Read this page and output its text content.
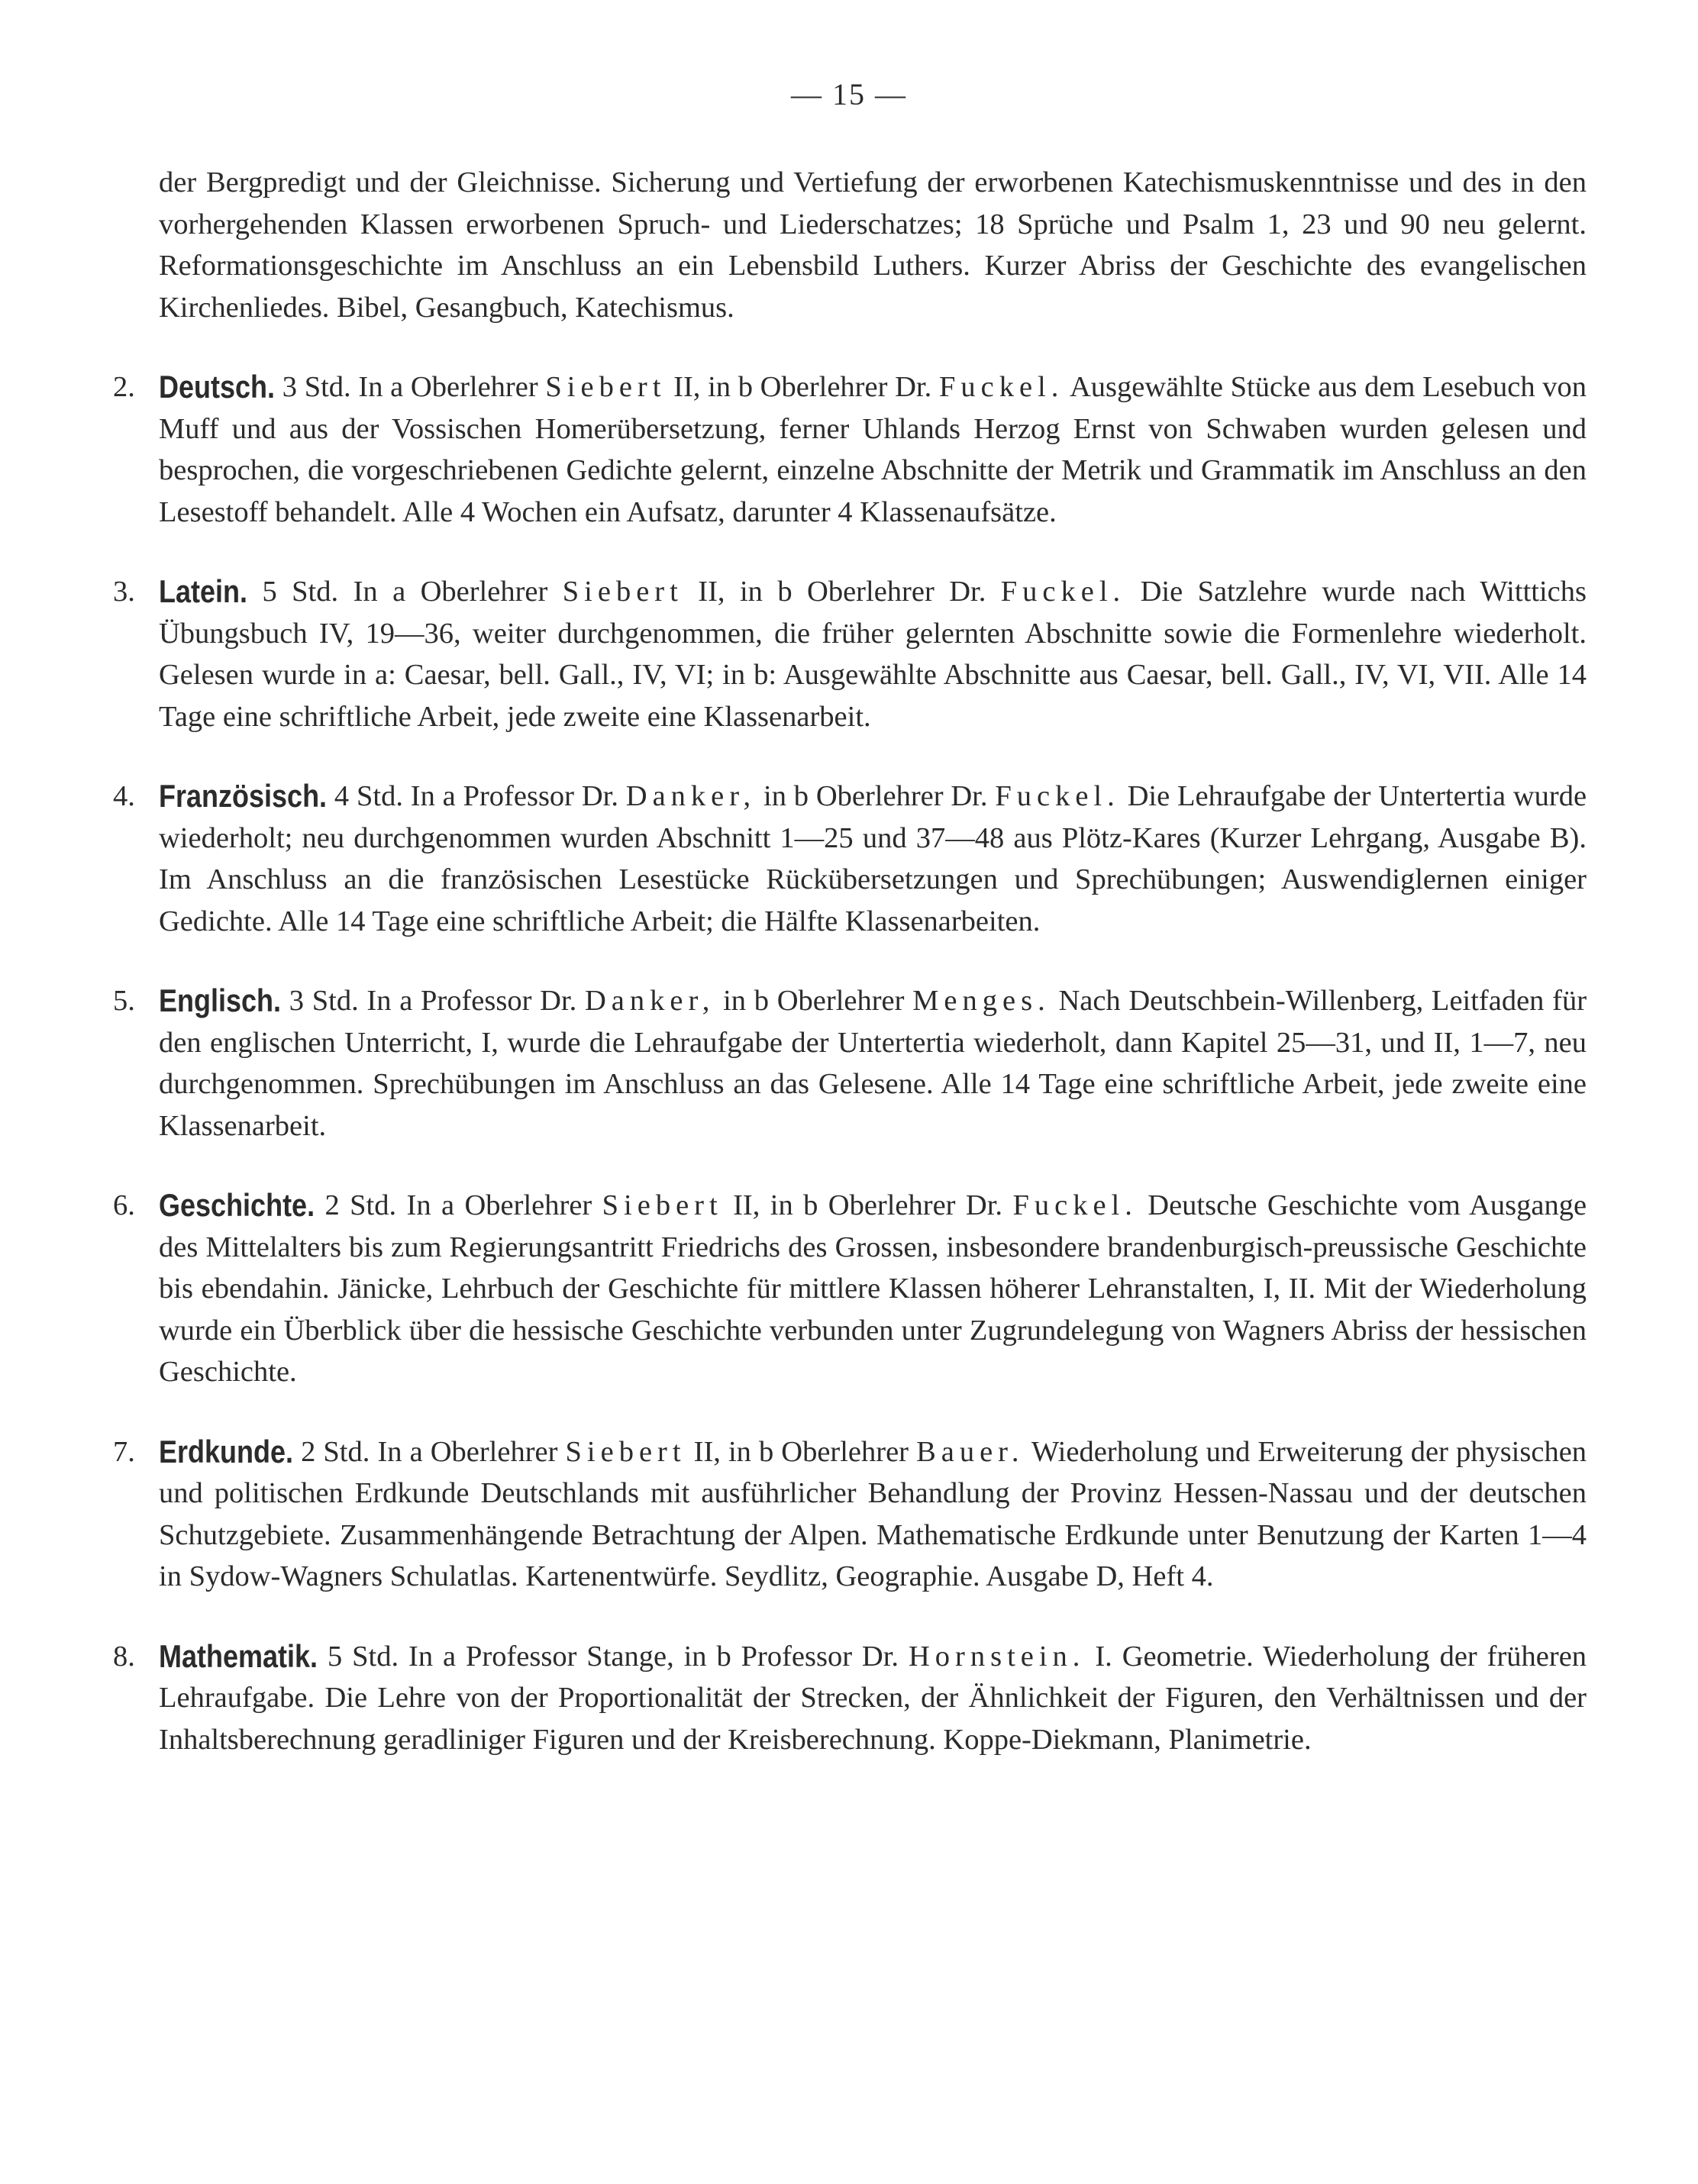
— 15 —

der Bergpredigt und der Gleichnisse. Sicherung und Vertiefung der erworbenen Katechismuskenntnisse und des in den vorhergehenden Klassen erworbenen Spruch- und Liederschatzes; 18 Sprüche und Psalm 1, 23 und 90 neu gelernt. Reformationsgeschichte im Anschluss an ein Lebensbild Luthers. Kurzer Abriss der Geschichte des evangelischen Kirchenliedes. Bibel, Gesangbuch, Katechismus.

2. Deutsch. 3 Std. In a Oberlehrer Siebert II, in b Oberlehrer Dr. Fuckel. Ausgewählte Stücke aus dem Lesebuch von Muff und aus der Vossischen Homerübersetzung, ferner Uhlands Herzog Ernst von Schwaben wurden gelesen und besprochen, die vorgeschriebenen Gedichte gelernt, einzelne Abschnitte der Metrik und Grammatik im Anschluss an den Lesestoff behandelt. Alle 4 Wochen ein Aufsatz, darunter 4 Klassenaufsätze.
3. Latein. 5 Std. In a Oberlehrer Siebert II, in b Oberlehrer Dr. Fuckel. Die Satzlehre wurde nach Witttichs Übungsbuch IV, 19—36, weiter durchgenommen, die früher gelernten Abschnitte sowie die Formenlehre wiederholt. Gelesen wurde in a: Caesar, bell. Gall., IV, VI; in b: Ausgewählte Abschnitte aus Caesar, bell. Gall., IV, VI, VII. Alle 14 Tage eine schriftliche Arbeit, jede zweite eine Klassenarbeit.
4. Französisch. 4 Std. In a Professor Dr. Danker, in b Oberlehrer Dr. Fuckel. Die Lehraufgabe der Untertertia wurde wiederholt; neu durchgenommen wurden Abschnitt 1—25 und 37—48 aus Plötz-Kares (Kurzer Lehrgang, Ausgabe B). Im Anschluss an die französischen Lesestücke Rückübersetzungen und Sprechübungen; Auswendiglernen einiger Gedichte. Alle 14 Tage eine schriftliche Arbeit; die Hälfte Klassenarbeiten.
5. Englisch. 3 Std. In a Professor Dr. Danker, in b Oberlehrer Menges. Nach Deutschbein-Willenberg, Leitfaden für den englischen Unterricht, I, wurde die Lehraufgabe der Untertertia wiederholt, dann Kapitel 25—31, und II, 1—7, neu durchgenommen. Sprechübungen im Anschluss an das Gelesene. Alle 14 Tage eine schriftliche Arbeit, jede zweite eine Klassenarbeit.
6. Geschichte. 2 Std. In a Oberlehrer Siebert II, in b Oberlehrer Dr. Fuckel. Deutsche Geschichte vom Ausgange des Mittelalters bis zum Regierungsantritt Friedrichs des Grossen, insbesondere brandenburgisch-preussische Geschichte bis ebendahin. Jänicke, Lehrbuch der Geschichte für mittlere Klassen höherer Lehranstalten, I, II. Mit der Wiederholung wurde ein Überblick über die hessische Geschichte verbunden unter Zugrundelegung von Wagners Abriss der hessischen Geschichte.
7. Erdkunde. 2 Std. In a Oberlehrer Siebert II, in b Oberlehrer Bauer. Wiederholung und Erweiterung der physischen und politischen Erdkunde Deutschlands mit ausführlicher Behandlung der Provinz Hessen-Nassau und der deutschen Schutzgebiete. Zusammenhängende Betrachtung der Alpen. Mathematische Erdkunde unter Benutzung der Karten 1—4 in Sydow-Wagners Schulatlas. Kartenentwürfe. Seydlitz, Geographie. Ausgabe D, Heft 4.
8. Mathematik. 5 Std. In a Professor Stange, in b Professor Dr. Hornstein. I. Geometrie. Wiederholung der früheren Lehraufgabe. Die Lehre von der Proportionalität der Strecken, der Ähnlichkeit der Figuren, den Verhältnissen und der Inhaltsberechnung geradliniger Figuren und der Kreisberechnung. Koppe-Diekmann, Planimetrie.
